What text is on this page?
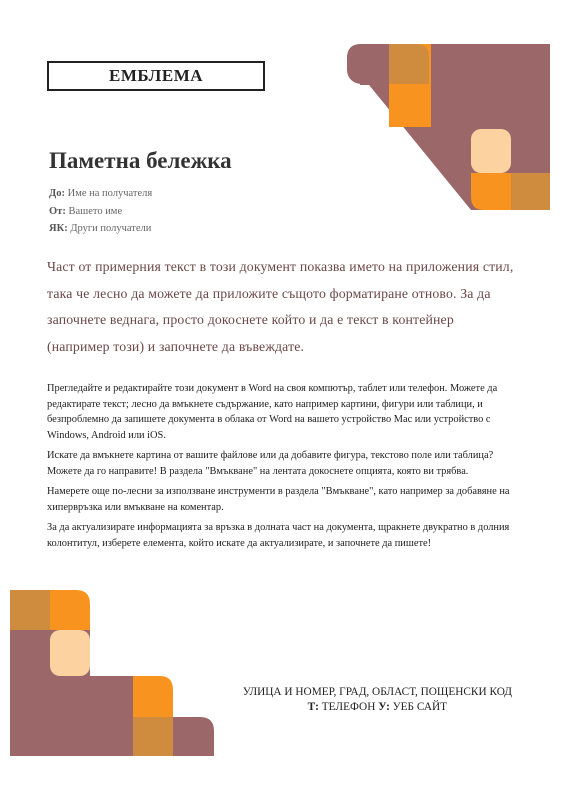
ЕМБЛЕМА
Паметна бележка
До: Име на получателя
От: Вашето име
ЯК: Други получатели
Част от примерния текст в този документ показва името на приложения стил, така че лесно да можете да приложите същото форматиране отново. За да започнете веднага, просто докоснете който и да е текст в контейнер (например този) и започнете да въвеждате.

Прегледайте и редактирайте този документ в Word на своя компютър, таблет или телефон. Можете да редактирате текст; лесно да вмъкнете съдържание, като например картини, фигури или таблици, и безпроблемно да запишете документа в облака от Word на вашето устройство Mac или устройство с Windows, Android или iOS.

Искате да вмъкнете картина от вашите файлове или да добавите фигура, текстово поле или таблица? Можете да го направите! В раздела "Вмъкване" на лентата докоснете опцията, която ви трябва.

Намерете още по-лесни за използване инструменти в раздела "Вмъкване", като например за добавяне на хипервръзка или вмъкване на коментар.

За да актуализирате информацията за връзка в долната част на документа, щракнете двукратно в долния колонтитул, изберете елемента, който искате да актуализирате, и започнете да пишете!

УЛИЦА И НОМЕР, ГРАД, ОБЛАСТ, ПОЩЕНСКИ КОД
Т: ТЕЛЕФОН У: УЕБ САЙТ
